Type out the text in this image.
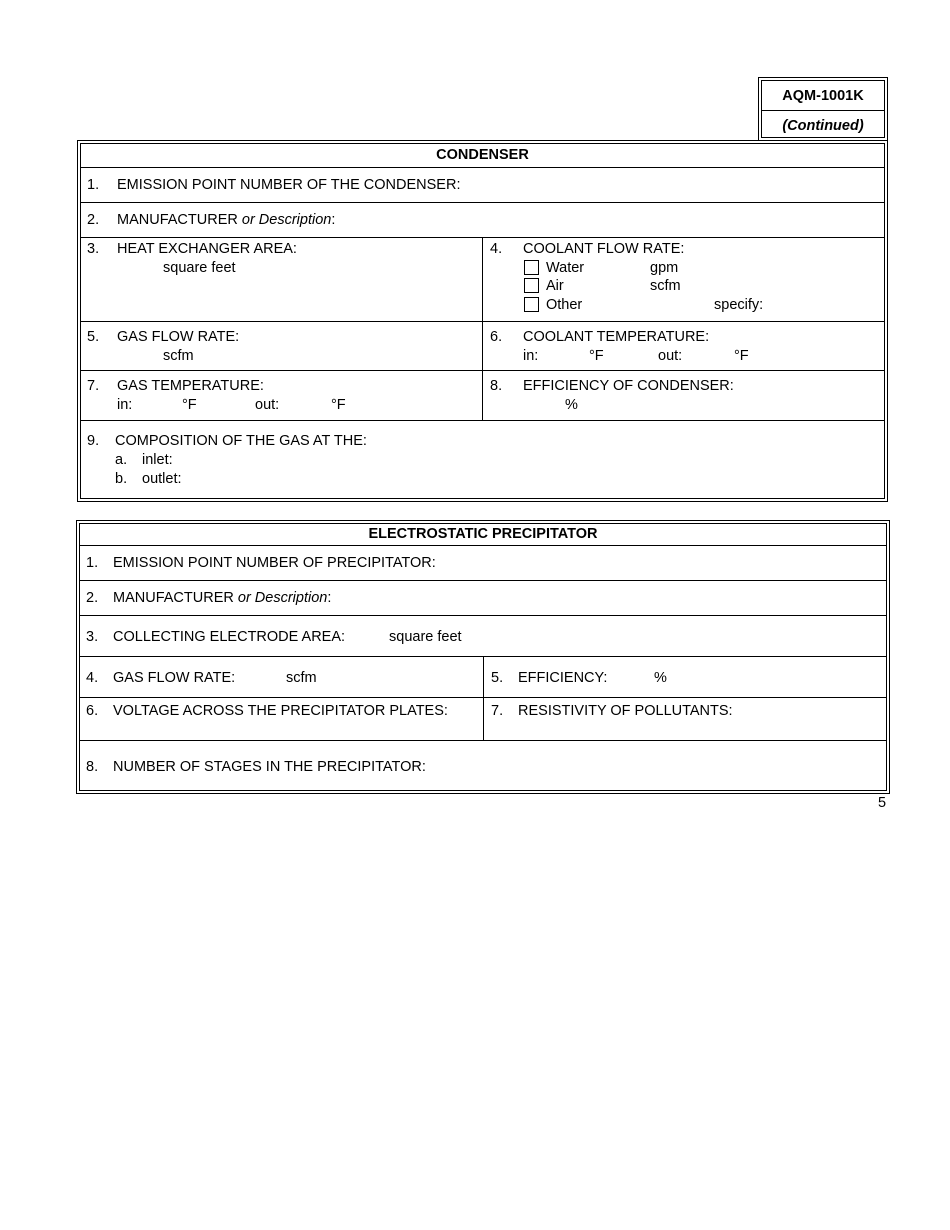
AQM-1001K
(Continued)
CONDENSER
1. EMISSION POINT NUMBER OF THE CONDENSER:
2. MANUFACTURER or Description:
3. HEAT EXCHANGER AREA:
square feet
4. COOLANT FLOW RATE:
Water	gpm
Air	scfm
Other	specify:
5. GAS FLOW RATE:
scfm
6. COOLANT TEMPERATURE:
in:	°F	out:	°F
7. GAS TEMPERATURE:
in:	°F	out:	°F
8. EFFICIENCY OF CONDENSER:
%
9. COMPOSITION OF THE GAS AT THE:
a. inlet:
b. outlet:
ELECTROSTATIC PRECIPITATOR
1. EMISSION POINT NUMBER OF PRECIPITATOR:
2. MANUFACTURER or Description:
3. COLLECTING ELECTRODE AREA:	square feet
4. GAS FLOW RATE:	scfm	5. EFFICIENCY:	%
6. VOLTAGE ACROSS THE PRECIPITATOR PLATES:	7. RESISTIVITY OF POLLUTANTS:
8. NUMBER OF STAGES IN THE PRECIPITATOR:
5
